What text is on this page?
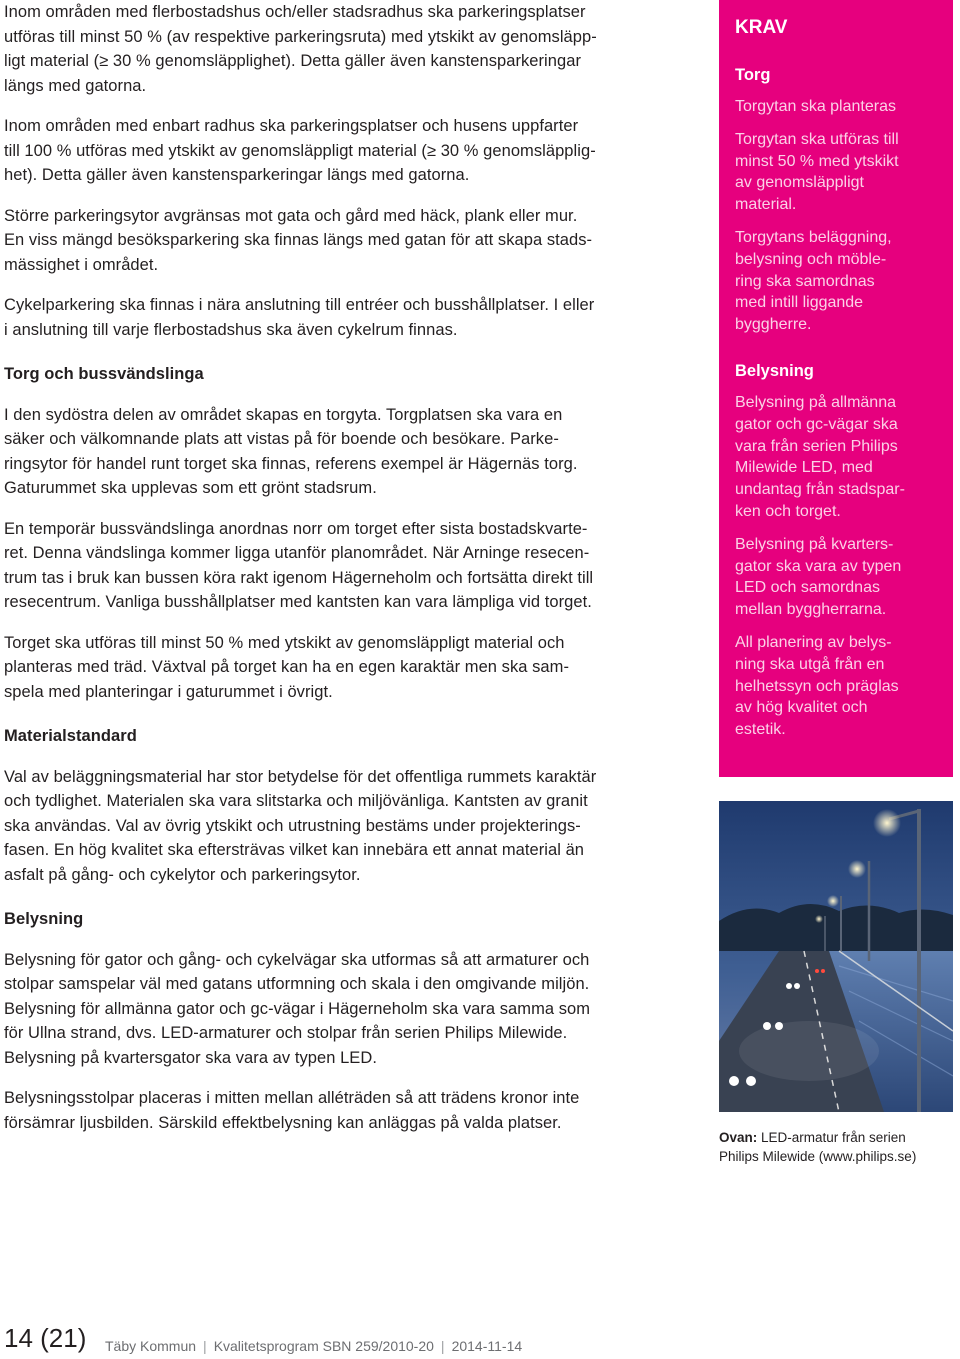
Inom områden med flerbostadshus och/eller stadsradhus ska parkeringsplatser
utföras till minst 50 % (av respektive parkeringsruta) med ytskikt av genomsläpp-
ligt material (≥ 30 % genomsläpplighet). Detta gäller även kanstensparkeringar
längs med gatorna.

Inom områden med enbart radhus ska parkeringsplatser och husens uppfarter
till 100 % utföras med ytskikt av genomsläppligt material (≥ 30 % genomsläpplig-
het). Detta gäller även kanstensparkeringar längs med gatorna.

Större parkeringsytor avgränsas mot gata och gård med häck, plank eller mur.
En viss mängd besöksparkering ska finnas längs med gatan för att skapa stads-
mässighet i området.

Cykelparkering ska finnas i nära anslutning till entréer och busshållplatser. I eller
i anslutning till varje flerbostadshus ska även cykelrum finnas.

Torg och bussvändslinga

I den sydöstra delen av området skapas en torgyta. Torgplatsen ska vara en
säker och välkomnande plats att vistas på för boende och besökare. Parke-
ringsytor för handel runt torget ska finnas, referens exempel är Hägernäs torg.
Gaturummet ska upplevas som ett grönt stadsrum.

En temporär bussvändslinga anordnas norr om torget efter sista bostadskvarte-
ret. Denna vändslinga kommer ligga utanför planområdet. När Arninge resecen-
trum tas i bruk kan bussen köra rakt igenom Hägerneholm och fortsätta direkt till
resecentrum. Vanliga busshållplatser med kantsten kan vara lämpliga vid torget.

Torget ska utföras till minst 50 % med ytskikt av genomsläppligt material och
planteras med träd. Växtval på torget kan ha en egen karaktär men ska sam-
spela med planteringar i gaturummet i övrigt.

Materialstandard

Val av beläggningsmaterial har stor betydelse för det offentliga rummets karaktär
och tydlighet. Materialen ska vara slitstarka och miljövänliga. Kantsten av granit
ska användas. Val av övrig ytskikt och utrustning bestäms under projekterings-
fasen. En hög kvalitet ska eftersträvas vilket kan innebära ett annat material än
asfalt på gång- och cykelytor och parkeringsytor.

Belysning

Belysning för gator och gång- och cykelvägar ska utformas så att armaturer och
stolpar samspelar väl med gatans utformning och skala i den omgivande miljön.
Belysning för allmänna gator och gc-vägar i Hägerneholm ska vara samma som
för Ullna strand, dvs. LED-armaturer och stolpar från serien Philips Milewide.
Belysning på kvartersgator ska vara av typen LED.

Belysningsstolpar placeras i mitten mellan alléträden så att trädens kronor inte
försämrar ljusbilden. Särskild effektbelysning kan anläggas på valda platser.

KRAV
Torg

Torgytan ska planteras

Torgytan ska utföras till
minst 50 % med ytskikt
av genomsläppligt
material.

Torgytans beläggning,
belysning och möble-
ring ska samordnas
med intill liggande
byggherre.

Belysning

Belysning på allmänna
gator och gc-vägar ska
vara från serien Philips
Milewide LED, med
undantag från stadspar-
ken och torget.

Belysning på kvarters-
gator ska vara av typen
LED och samordnas
mellan byggherrarna.

All planering av belys-
ning ska utgå från en
helhetssyn och präglas
av hög kvalitet och
estetik.

Ovan: LED-armatur från serien
Philips Milewide (www.philips.se)
14 (21) Täby Kommun | Kvalitetsprogram SBN 259/2010-20 | 2014-11-14
